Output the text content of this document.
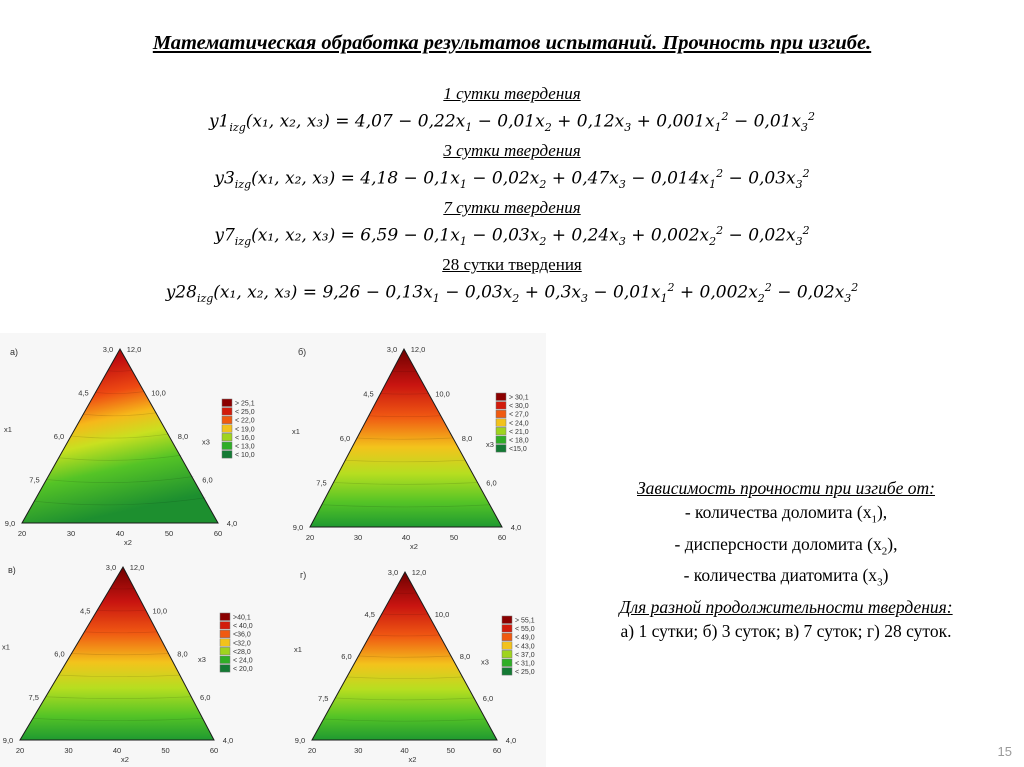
Математическая обработка результатов испытаний. Прочность при изгибе.
1 сутки твердения
$y1_{izg}(x_1$, x₂, $x_3) = 4,07 - 0,22x_1 - 0,01x_2 + 0,12x_3 + 0,001x_1^2 - 0,01x_3^2$
3 сутки твердения
$y3_{izg}(x_1$, x₂, $x_3) = 4,18 - 0,1x_1 - 0,02x_2 + 0,47x_3 - 0,014x_1^2 - 0,03x_3^2$
7 сутки твердения
$y7_{izg}(x_1$, x₂, $x_3) = 6,59 - 0,1x_1 - 0,03x_2 + 0,24x_3 + 0,002x_2^2 - 0,02x_3^2$
28 сутки твердения
$y28_{izg}(x_1$, x₂, $x_3) = 9,26 - 0,13x_1 - 0,03x_2 + 0,3x_3 - 0,01x_1^2 + 0,002x_2^2 - 0,02x_3^2$
а)	3,0
4,5
6,0
7,5
9,0
12,0
10,0
8,0
6,0
4,0
20	30	40	50	60
x1
x2
x3
> 25,1
< 25,0
< 22,0
< 19,0
< 16,0
< 13,0
< 10,0
б)	3,0
4,5
6,0
7,5
9,0
12,0
10,0
8,0
6,0
4,0
20	30	40	50	60
x1
x2
x3
> 30,1
< 30,0
< 27,0
< 24,0
< 21,0
< 18,0
<15,0
в)	3,0
4,5
6,0
7,5
9,0
12,0
10,0
8,0
6,0
4,0
20	30	40	50	60
x1
x2
x3
>40,1
< 40,0
<36,0
<32,0
<28,0
< 24,0
< 20,0
г)	3,0
4,5
6,0
7,5
9,0
12,0
10,0
8,0
6,0
4,0
20	30	40	50	60
x1
x2
x3
> 55,1
< 55,0
< 49,0
< 43,0
< 37,0
< 31,0
< 25,0
Зависимость прочности при изгибе от:
- количества доломита $(x_1)$,
- дисперсности доломита $(x_2)$,
- количества диатомита $(x_3)$
Для разной продолжительности твердения:
а) 1 сутки; б) 3 суток; в) 7 суток; г) 28 суток.
15
